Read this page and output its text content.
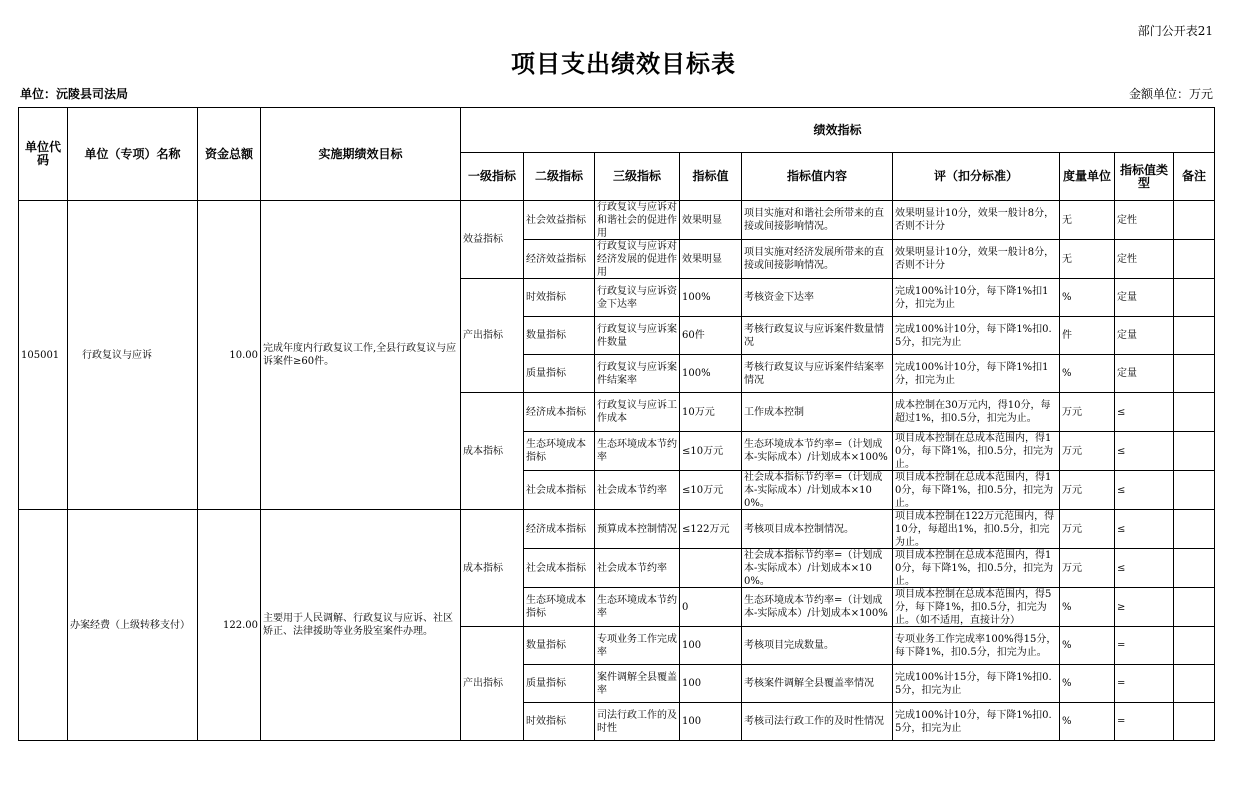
部门公开表21
项目支出绩效目标表
单位：沅陵县司法局	金额单位：万元
单位代码	单位（专项）名称	资金总额	实施期绩效目标	绩效指标								
				一级指标	二级指标	三级指标	指标值	指标值内容	评（扣分标准）	度量单位	指标值类型	备注
105001	行政复议与应诉	10.00	完成年度内行政复议工作,全县行政复议与应诉案件≥60件。	效益指标	社会效益指标	行政复议与应诉对和谐社会的促进作用	效果明显	项目实施对和谐社会所带来的直接或间接影响情况。	效果明显计10分，效果一般计8分，否则不计分	无	定性	

					经济效益指标	行政复议与应诉对经济发展的促进作用	效果明显	项目实施对经济发展所带来的直接或间接影响情况。	效果明显计10分，效果一般计8分，否则不计分	无	定性	

				产出指标	时效指标	行政复议与应诉资金下达率	100%	考核资金下达率	完成100%计10分，每下降1%扣1分，扣完为止	%	定量	

					数量指标	行政复议与应诉案件数量	60件	考核行政复议与应诉案件数量情况	完成100%计10分，每下降1%扣0.5分，扣完为止	件	定量	

					质量指标	行政复议与应诉案件结案率	100%	考核行政复议与应诉案件结案率情况	完成100%计10分，每下降1%扣1分，扣完为止	%	定量	

				成本指标	经济成本指标	行政复议与应诉工作成本	10万元	工作成本控制	成本控制在30万元内，得10分，每超过1%，扣0.5分，扣完为止。	万元	≤	

					生态环境成本指标	生态环境成本节约率	≤10万元	生态环境成本节约率=（计划成本-实际成本）/计划成本×100%	项目成本控制在总成本范围内，得10分，每下降1%，扣0.5分，扣完为止。	万元	≤	

					社会成本指标	社会成本节约率	≤10万元	社会成本指标节约率=（计划成本-实际成本）/计划成本×100%。	项目成本控制在总成本范围内，得10分，每下降1%，扣0.5分，扣完为止。	万元	≤	

	办案经费（上级转移支付）	122.00	主要用于人民调解、行政复议与应诉、社区矫正、法律援助等业务股室案件办理。	成本指标	经济成本指标	预算成本控制情况	≤122万元	考核项目成本控制情况。	项目成本控制在122万元范围内，得10分，每超出1%，扣0.5分，扣完为止。	万元	≤	

					社会成本指标	社会成本节约率		社会成本指标节约率=（计划成本-实际成本）/计划成本×100%。	项目成本控制在总成本范围内，得10分，每下降1%，扣0.5分，扣完为止。	万元	≤	

					生态环境成本指标	生态环境成本节约率	0	生态环境成本节约率=（计划成本-实际成本）/计划成本×100%	项目成本控制在总成本范围内，得5分，每下降1%，扣0.5分，扣完为止。（如不适用，直接计分）	%	≥	

				产出指标	数量指标	专项业务工作完成率	100	考核项目完成数量。	专项业务工作完成率100%得15分，每下降1%，扣0.5分，扣完为止。	%	=	

					质量指标	案件调解全县覆盖率	100	考核案件调解全县覆盖率情况	完成100%计15分，每下降1%扣0.5分，扣完为止	%	=	

					时效指标	司法行政工作的及时性	100	考核司法行政工作的及时性情况	完成100%计10分，每下降1%扣0.5分，扣完为止	%	=	
